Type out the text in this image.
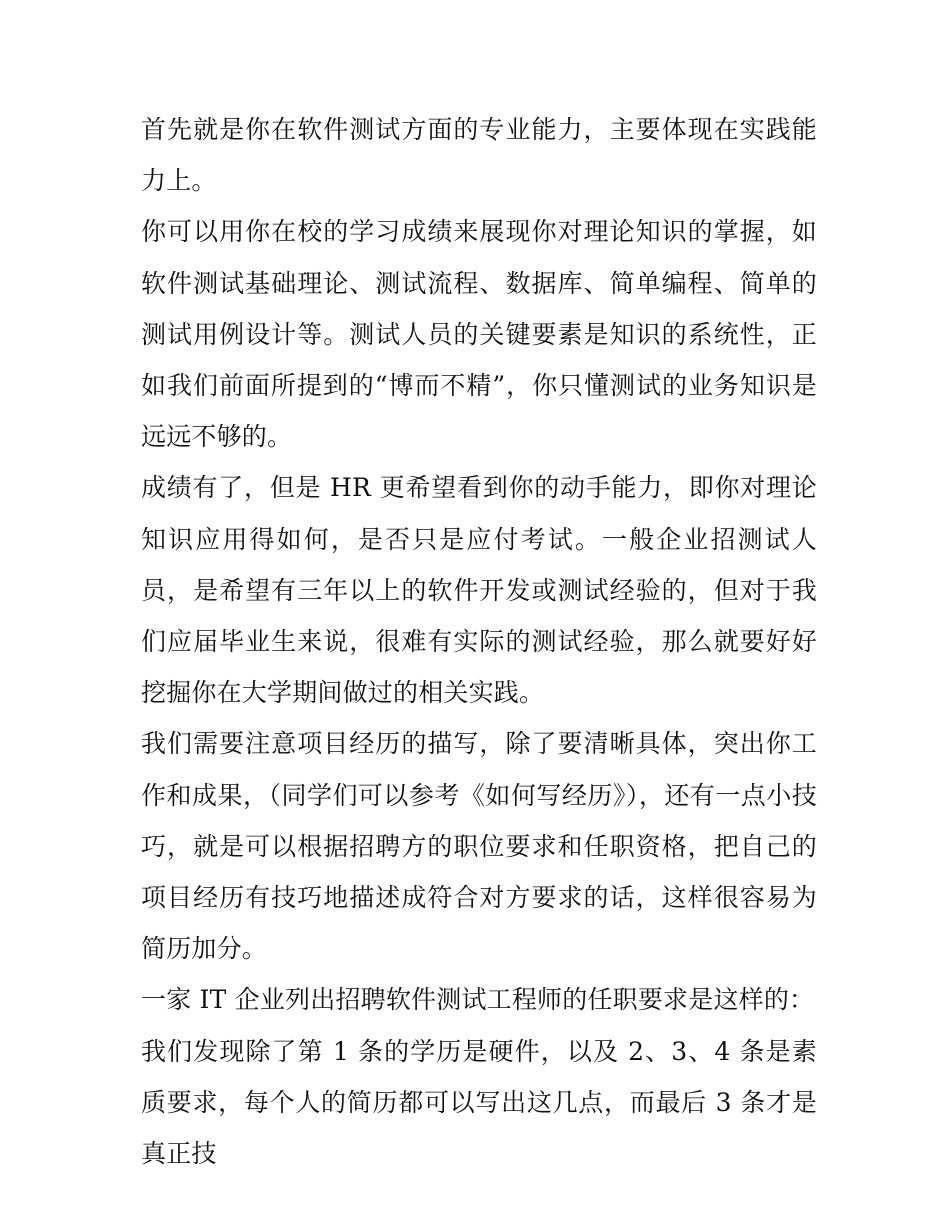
首先就是你在软件测试方面的专业能力，主要体现在实践能力上。

你可以用你在校的学习成绩来展现你对理论知识的掌握，如软件测试基础理论、测试流程、数据库、简单编程、简单的测试用例设计等。测试人员的关键要素是知识的系统性，正如我们前面所提到的“博而不精”，你只懂测试的业务知识是远远不够的。

成绩有了，但是 HR 更希望看到你的动手能力，即你对理论知识应用得如何，是否只是应付考试。一般企业招测试人员，是希望有三年以上的软件开发或测试经验的，但对于我们应届毕业生来说，很难有实际的测试经验，那么就要好好挖掘你在大学期间做过的相关实践。

我们需要注意项目经历的描写，除了要清晰具体，突出你工作和成果，（同学们可以参考《如何写经历》），还有一点小技巧，就是可以根据招聘方的职位要求和任职资格，把自己的项目经历有技巧地描述成符合对方要求的话，这样很容易为简历加分。

一家 IT 企业列出招聘软件测试工程师的任职要求是这样的：

我们发现除了第 1 条的学历是硬件，以及 2、3、4 条是素质要求，每个人的简历都可以写出这几点，而最后 3 条才是真正技
